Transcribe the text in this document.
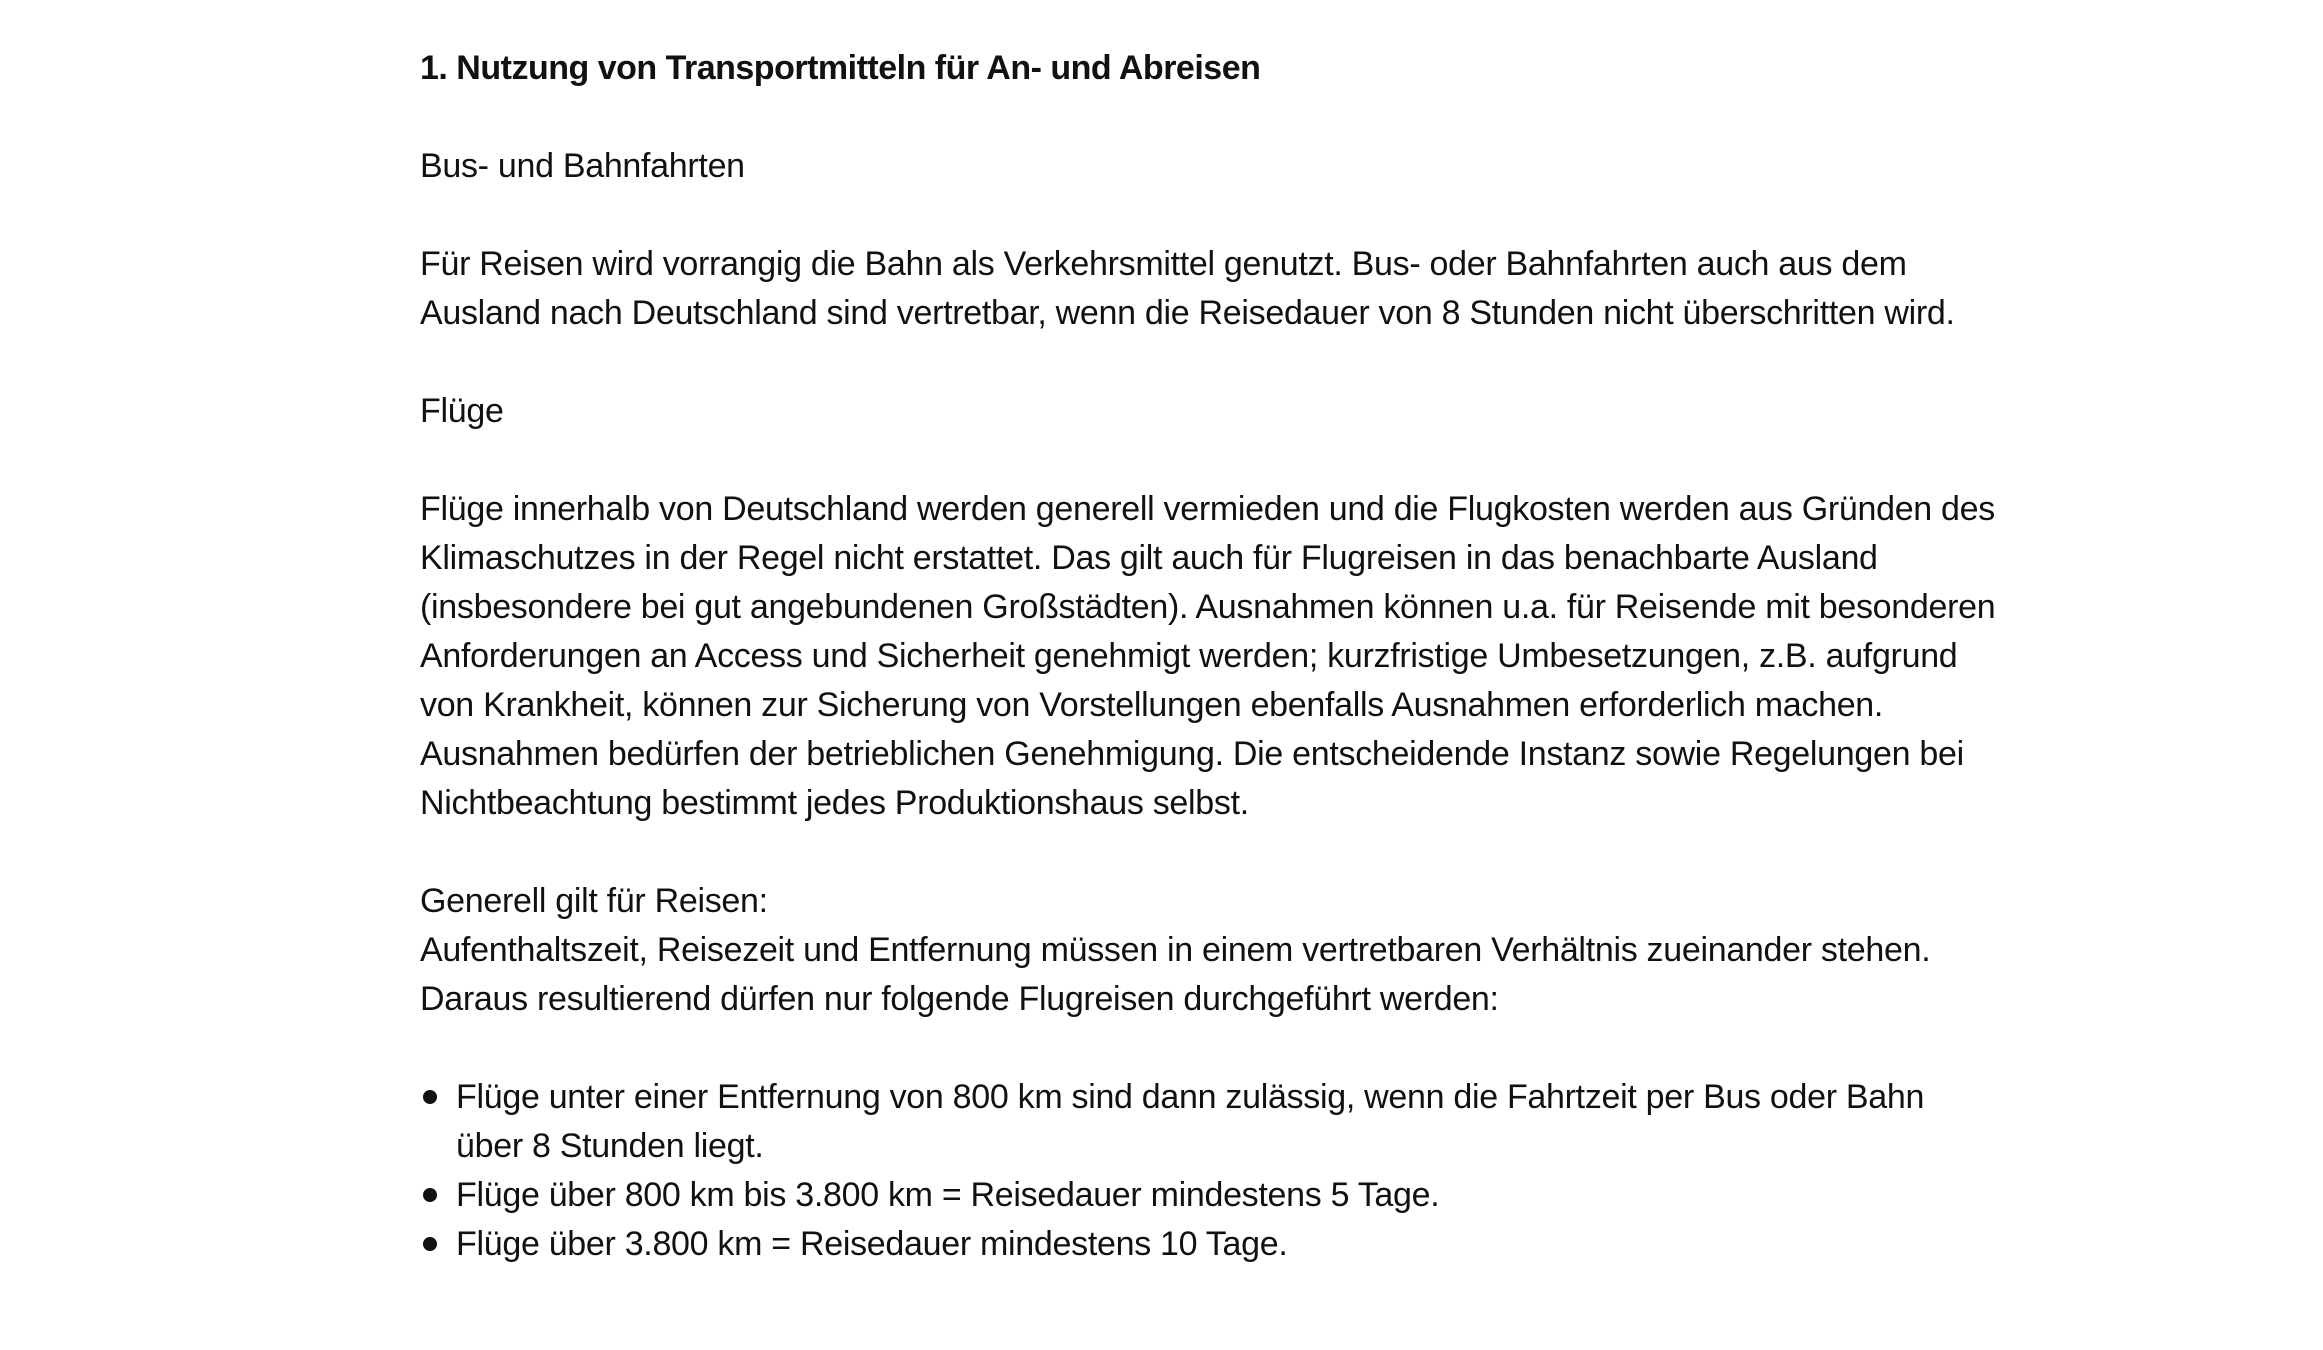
1. Nutzung von Transportmitteln für An- und Abreisen

Bus- und Bahnfahrten

Für Reisen wird vorrangig die Bahn als Verkehrsmittel genutzt. Bus- oder Bahnfahrten auch aus dem Ausland nach Deutschland sind vertretbar, wenn die Reisedauer von 8 Stunden nicht überschritten wird.

Flüge

Flüge innerhalb von Deutschland werden generell vermieden und die Flugkosten werden aus Gründen des Klimaschutzes in der Regel nicht erstattet. Das gilt auch für Flugreisen in das benachbarte Ausland (insbesondere bei gut angebundenen Großstädten). Ausnahmen können u.a. für Reisende mit besonderen Anforderungen an Access und Sicherheit genehmigt werden; kurzfristige Umbesetzungen, z.B. aufgrund von Krankheit, können zur Sicherung von Vorstellungen ebenfalls Ausnahmen erforderlich machen. Ausnahmen bedürfen der betrieblichen Genehmigung. Die entscheidende Instanz sowie Regelungen bei Nichtbeachtung bestimmt jedes Produktionshaus selbst.

Generell gilt für Reisen:

Aufenthaltszeit, Reisezeit und Entfernung müssen in einem vertretbaren Verhältnis zueinander stehen.

Daraus resultierend dürfen nur folgende Flugreisen durchgeführt werden:

Flüge unter einer Entfernung von 800 km sind dann zulässig, wenn die Fahrtzeit per Bus oder Bahn über 8 Stunden liegt.
Flüge über 800 km bis 3.800 km = Reisedauer mindestens 5 Tage.
Flüge über 3.800 km = Reisedauer mindestens 10 Tage.
